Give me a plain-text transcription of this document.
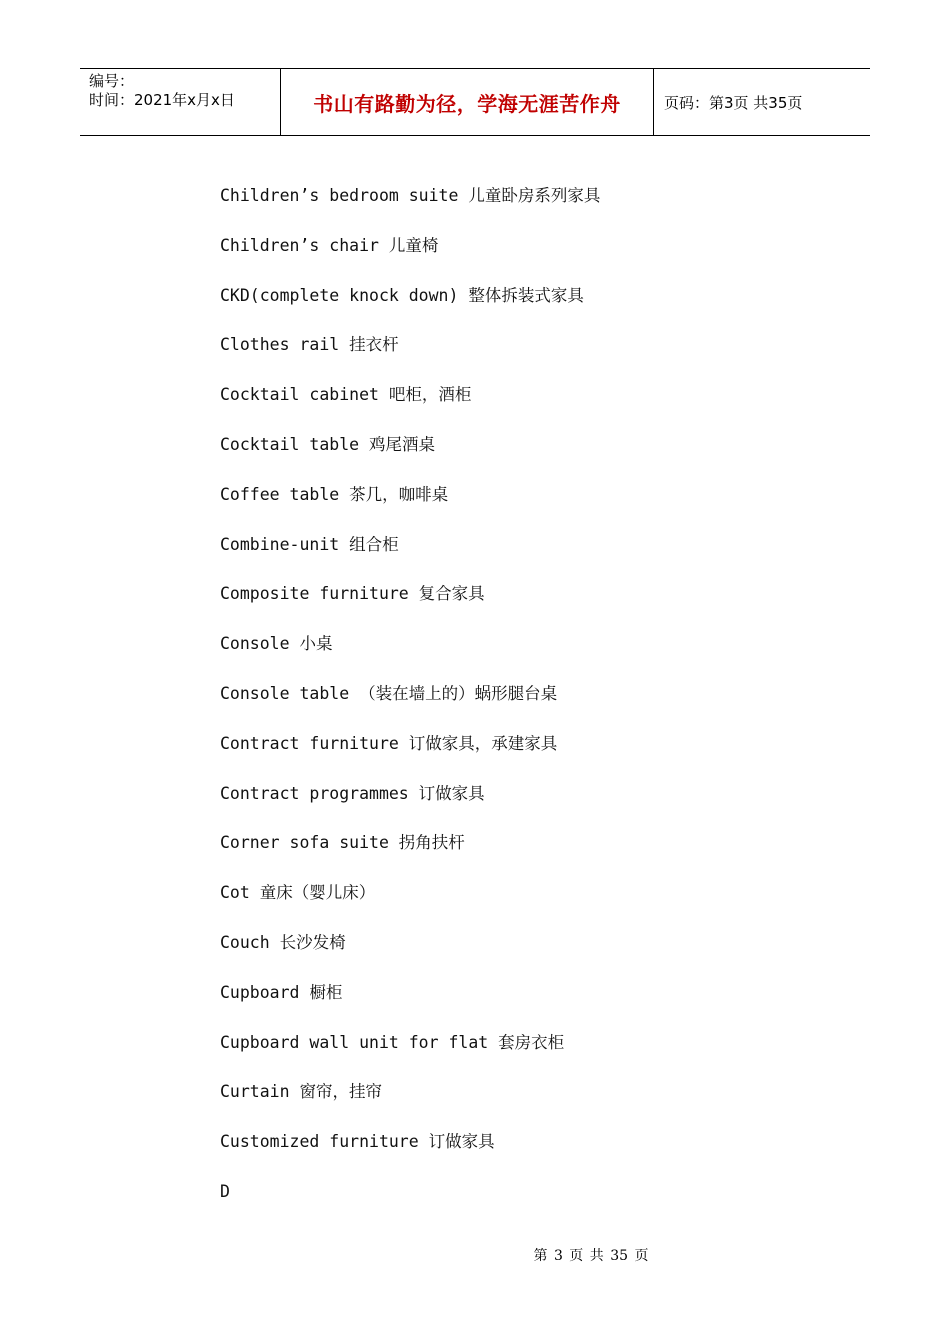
编号：
时间：2021年x月x日	书山有路勤为径，学海无涯苦作舟	页码：第3页 共35页
Children’s bedroom suite 儿童卧房系列家具
Children’s chair 儿童椅
CKD(complete knock down) 整体拆装式家具
Clothes rail 挂衣杆
Cocktail cabinet 吧柜，酒柜
Cocktail table 鸡尾酒桌
Coffee table 茶几，咖啡桌
Combine-unit 组合柜
Composite furniture 复合家具
Console 小桌
Console table （装在墙上的）蜗形腿台桌
Contract furniture 订做家具，承建家具
Contract programmes 订做家具
Corner sofa suite 拐角扶杆
Cot 童床（婴儿床）
Couch 长沙发椅
Cupboard 橱柜
Cupboard wall unit for flat 套房衣柜
Curtain 窗帘，挂帘
Customized furniture 订做家具
D
第 3 页 共 35 页
